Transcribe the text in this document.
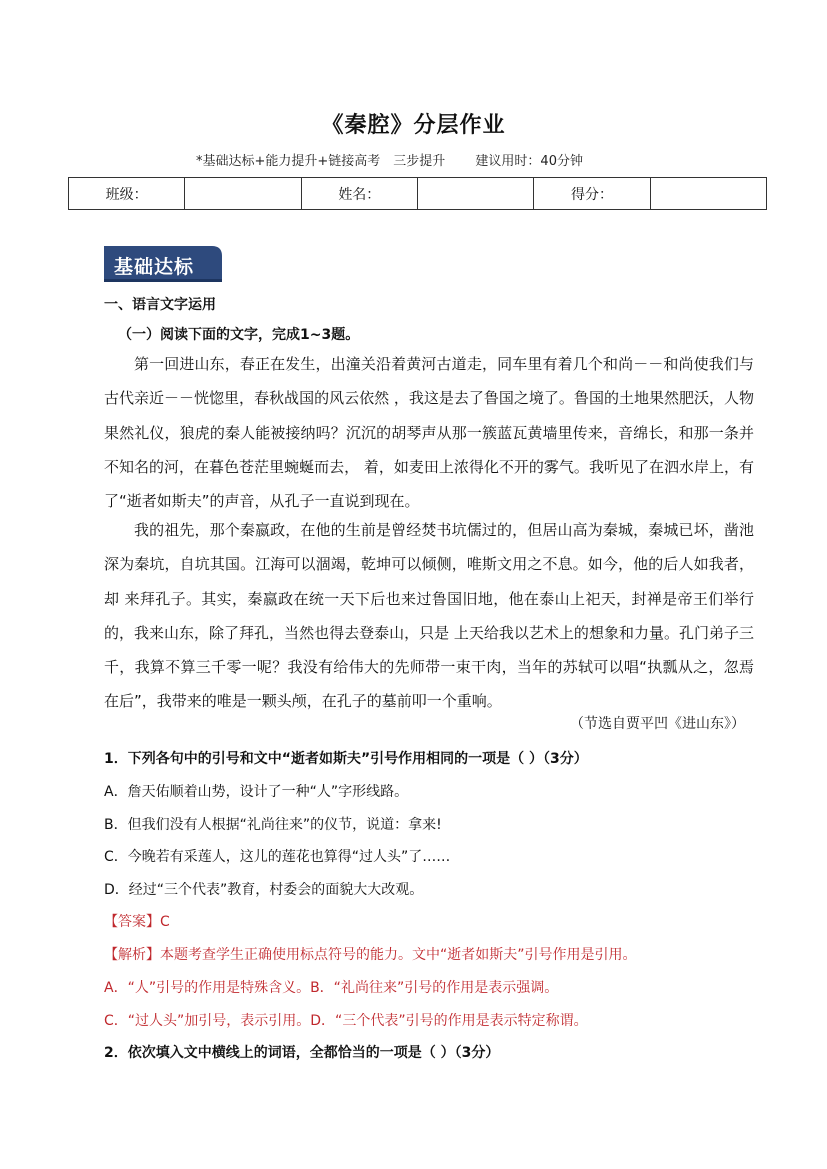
《秦腔》分层作业
*基础达标+能力提升+链接高考　三步提升　　 建议用时：40分钟
班级：		姓名：		得分：	
基础达标
一、语言文字运用
（一）阅读下面的文字，完成1~3题。
第一回进山东，春正在发生，出潼关沿着黄河古道走，同车里有着几个和尚－－和尚使我们与古代亲近－－恍惚里，春秋战国的风云依然 ，我这是去了鲁国之境了。鲁国的土地果然肥沃，人物果然礼仪，狼虎的秦人能被接纳吗？沉沉的胡琴声从那一簇蓝瓦黄墙里传来，音绵长，和那一条并不知名的河，在暮色苍茫里蜿蜒而去， 着，如麦田上浓得化不开的雾气。我听见了在泗水岸上，有了“逝者如斯夫”的声音，从孔子一直说到现在。
我的祖先，那个秦嬴政，在他的生前是曾经焚书坑儒过的，但居山高为秦城，秦城已坏，凿池深为秦坑，自坑其国。江海可以涸竭，乾坤可以倾侧，唯斯文用之不息。如今，他的后人如我者，却 来拜孔子。其实，秦嬴政在统一天下后也来过鲁国旧地，他在泰山上祀天，封禅是帝王们举行的，我来山东，除了拜孔，当然也得去登泰山，只是 上天给我以艺术上的想象和力量。孔门弟子三千，我算不算三千零一呢？我没有给伟大的先师带一束干肉，当年的苏轼可以唱“执瓢从之，忽焉在后”，我带来的唯是一颗头颅，在孔子的墓前叩一个重响。
（节选自贾平凹《进山东》）
1．下列各句中的引号和文中“逝者如斯夫”引号作用相同的一项是（ ）（3分）
A．詹天佑顺着山势，设计了一种“人”字形线路。
B．但我们没有人根据“礼尚往来”的仪节，说道：拿来!
C．今晚若有采莲人，这儿的莲花也算得“过人头”了……
D．经过“三个代表”教育，村委会的面貌大大改观。
【答案】C
【解析】本题考查学生正确使用标点符号的能力。文中“逝者如斯夫”引号作用是引用。
A．“人”引号的作用是特殊含义。B．“礼尚往来”引号的作用是表示强调。
C．“过人头”加引号，表示引用。D．“三个代表”引号的作用是表示特定称谓。
2．依次填入文中横线上的词语，全都恰当的一项是（ ）（3分）
